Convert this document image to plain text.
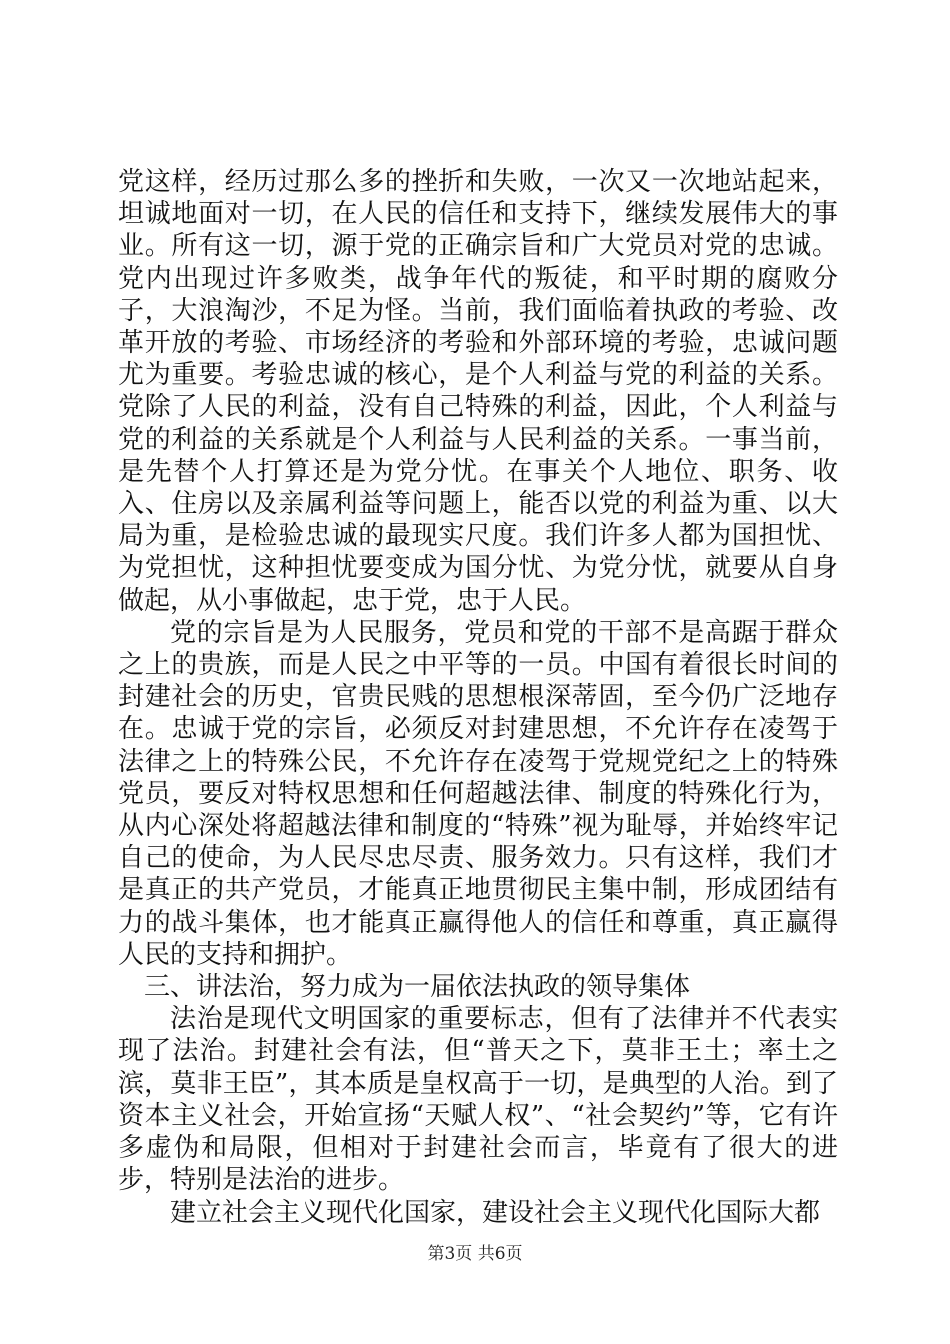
党这样，经历过那么多的挫折和失败，一次又一次地站起来，坦诚地面对一切，在人民的信任和支持下，继续发展伟大的事业。所有这一切，源于党的正确宗旨和广大党员对党的忠诚。党内出现过许多败类，战争年代的叛徒，和平时期的腐败分子，大浪淘沙，不足为怪。当前，我们面临着执政的考验、改革开放的考验、市场经济的考验和外部环境的考验，忠诚问题尤为重要。考验忠诚的核心，是个人利益与党的利益的关系。党除了人民的利益，没有自己特殊的利益，因此，个人利益与党的利益的关系就是个人利益与人民利益的关系。一事当前，是先替个人打算还是为党分忧。在事关个人地位、职务、收入、住房以及亲属利益等问题上，能否以党的利益为重、以大局为重，是检验忠诚的最现实尺度。我们许多人都为国担忧、为党担忧，这种担忧要变成为国分忧、为党分忧，就要从自身做起，从小事做起，忠于党，忠于人民。

党的宗旨是为人民服务，党员和党的干部不是高踞于群众之上的贵族，而是人民之中平等的一员。中国有着很长时间的封建社会的历史，官贵民贱的思想根深蒂固，至今仍广泛地存在。忠诚于党的宗旨，必须反对封建思想，不允许存在凌驾于法律之上的特殊公民，不允许存在凌驾于党规党纪之上的特殊党员，要反对特权思想和任何超越法律、制度的特殊化行为，从内心深处将超越法律和制度的“特殊”视为耻辱，并始终牢记自己的使命，为人民尽忠尽责、服务效力。只有这样，我们才是真正的共产党员，才能真正地贯彻民主集中制，形成团结有力的战斗集体，也才能真正赢得他人的信任和尊重，真正赢得人民的支持和拥护。

三、讲法治，努力成为一届依法执政的领导集体

法治是现代文明国家的重要标志，但有了法律并不代表实现了法治。封建社会有法，但“普天之下，莫非王土；率土之滨，莫非王臣”，其本质是皇权高于一切，是典型的人治。到了资本主义社会，开始宣扬“天赋人权”、“社会契约”等，它有许多虚伪和局限，但相对于封建社会而言，毕竟有了很大的进步，特别是法治的进步。

建立社会主义现代化国家，建设社会主义现代化国际大都

第3页 共6页
